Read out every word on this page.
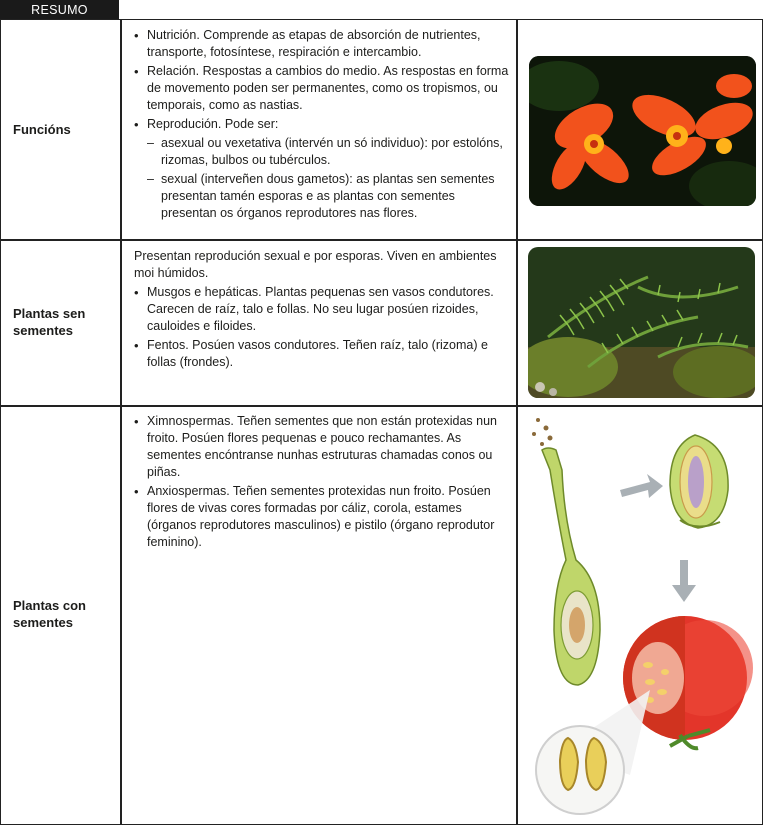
RESUMO
Funcións
• Nutrición. Comprende as etapas de absorción de nutrientes, transporte, fotosíntese, respiración e intercambio.
• Relación. Respostas a cambios do medio. As respostas en forma de movemento poden ser permanentes, como os tropismos, ou temporais, como as nastias.
• Reprodución. Pode ser:
– asexual ou vexetativa (intervén un só individuo): por estolóns, rizomas, bulbos ou tubérculos.
– sexual (interveñen dous gametos): as plantas sen sementes presentan tamén esporas e as plantas con sementes presentan os órganos reprodutores nas flores.
Plantas sen
sementes

Presentan reprodución sexual e por esporas. Viven en ambientes moi húmidos.

• Musgos e hepáticas. Plantas pequenas sen vasos condutores. Carecen de raíz, talo e follas. No seu lugar posúen rizoides, cauloides e filoides.
• Fentos. Posúen vasos condutores. Teñen raíz, talo (rizoma) e follas (frondes).
Plantas con
sementes
• Ximnospermas. Teñen sementes que non están protexidas nun froito. Posúen flores pequenas e pouco rechamantes. As sementes encóntranse nunhas estruturas chamadas conos ou piñas.
• Anxiospermas. Teñen sementes protexidas nun froito. Posúen flores de vivas cores formadas por cáliz, corola, estames (órganos reprodutores masculinos) e pistilo (órgano reprodutor feminino).
